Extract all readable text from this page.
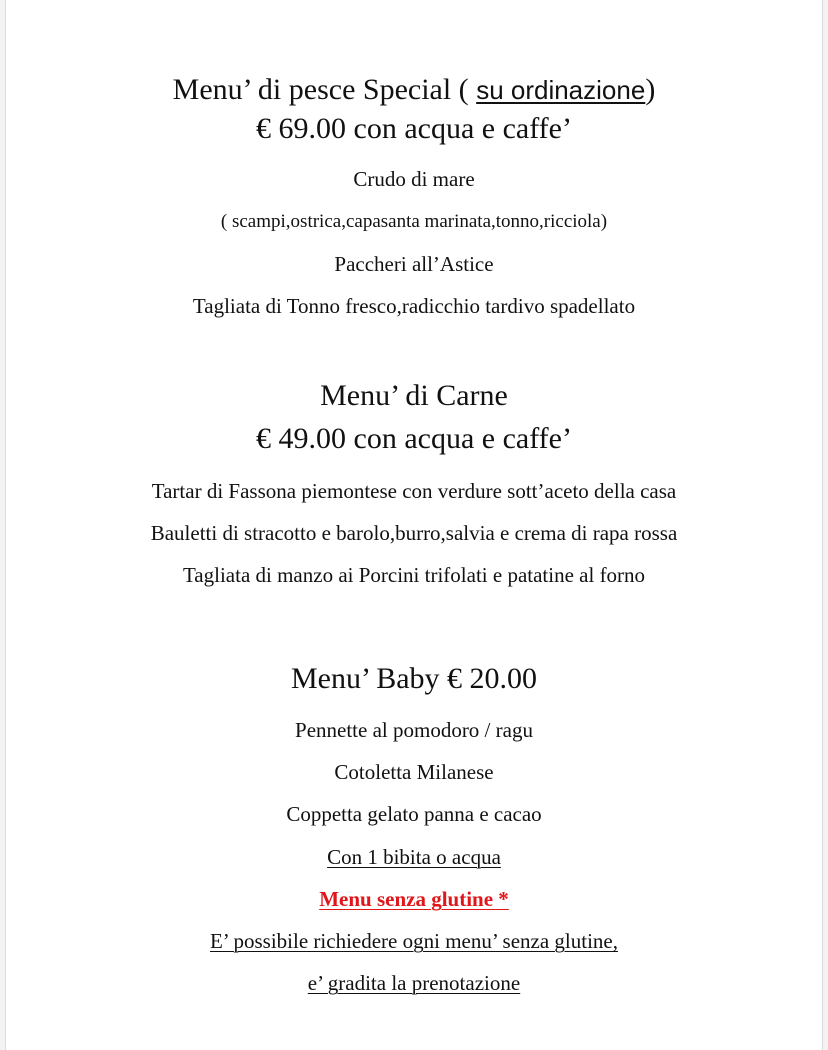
Menu’ di pesce Special ( su ordinazione)
€ 69.00 con acqua e caffe’
Crudo di mare
( scampi,ostrica,capasanta marinata,tonno,ricciola)
Paccheri all’Astice
Tagliata di Tonno fresco,radicchio tardivo spadellato
Menu’ di Carne
€ 49.00 con acqua e caffe’
Tartar di Fassona piemontese con verdure sott’aceto della casa
Bauletti di stracotto e barolo,burro,salvia e crema di rapa rossa
Tagliata di manzo ai Porcini trifolati e patatine al forno
Menu’ Baby € 20.00
Pennette al pomodoro / ragu
Cotoletta Milanese
Coppetta gelato panna e cacao
Con 1 bibita o acqua
Menu senza glutine *
E’ possibile richiedere ogni menu’ senza glutine,
e’ gradita la prenotazione
